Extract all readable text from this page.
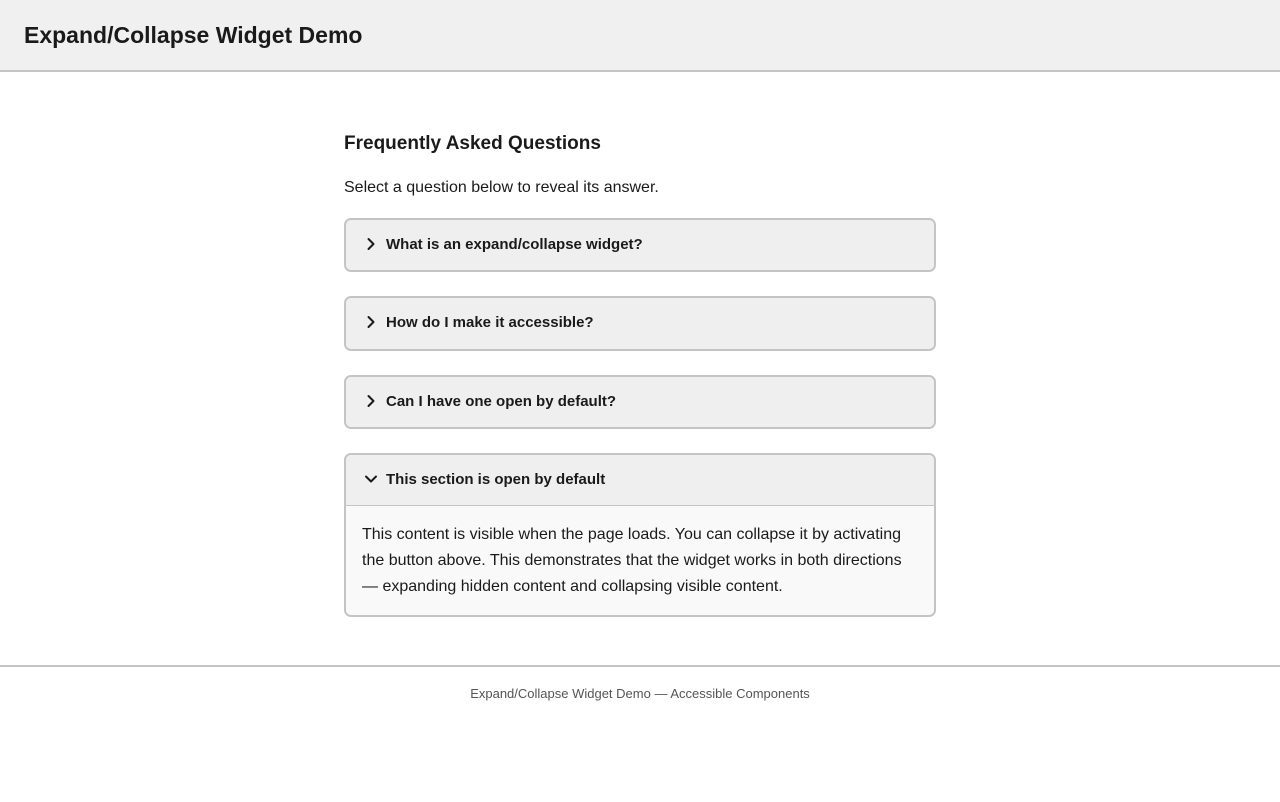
Expand/Collapse Widget Demo
Frequently Asked Questions

Select a question below to reveal its answer.

What is an expand/collapse widget?
How do I make it accessible?
Can I have one open by default?
This section is open by default

This content is visible when the page loads. You can collapse it by activating the button above. This demonstrates that the widget works in both directions — expanding hidden content and collapsing visible content.

Expand/Collapse Widget Demo — Accessible Components
